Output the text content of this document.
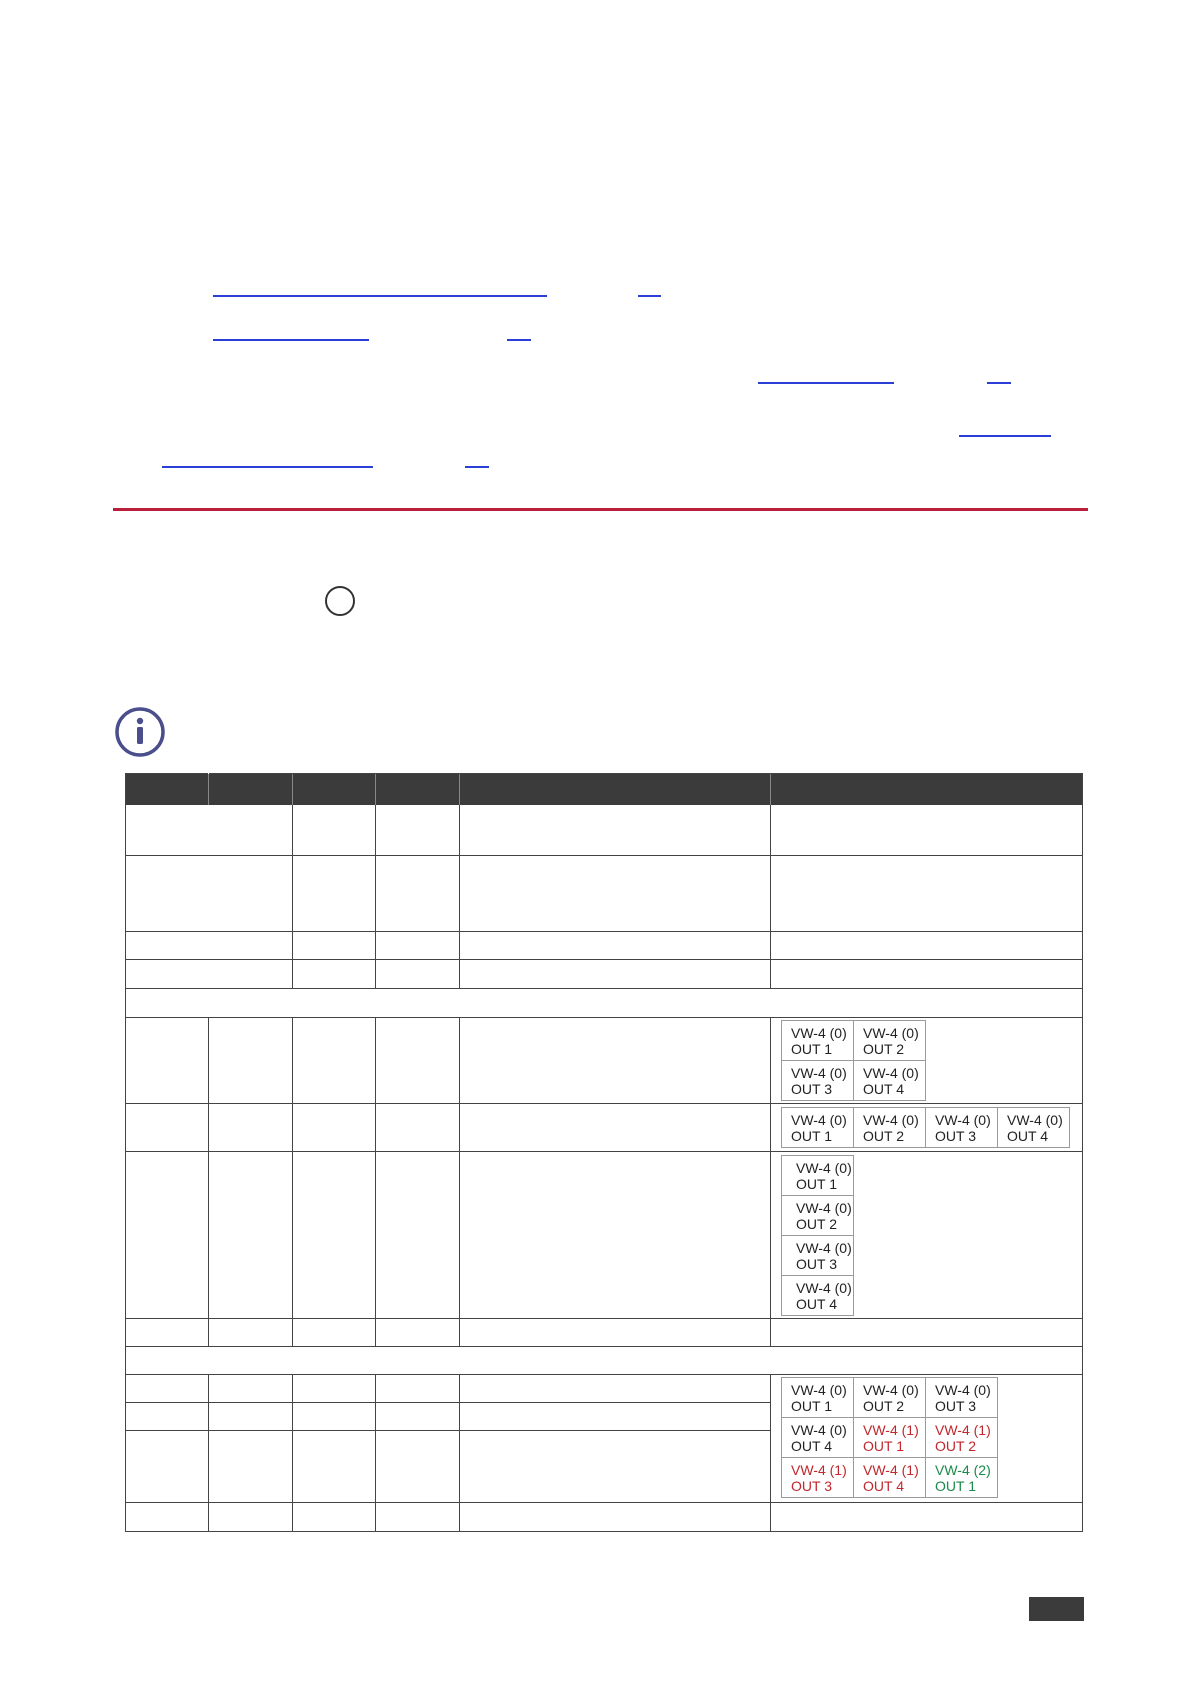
VW-4 (0)
OUT 1
VW-4 (0)
OUT 2
VW-4 (0)
OUT 3
VW-4 (0)
OUT 4
VW-4 (0)
OUT 1
VW-4 (0)
OUT 2
VW-4 (0)
OUT 3
VW-4 (0)
OUT 4
VW-4 (0)
OUT 1
VW-4 (0)
OUT 2
VW-4 (0)
OUT 3
VW-4 (0)
OUT 4
VW-4 (0)
OUT 1
VW-4 (0)
OUT 2
VW-4 (0)
OUT 3
VW-4 (0)
OUT 4
VW-4 (1)
OUT 1
VW-4 (1)
OUT 2
VW-4 (1)
OUT 3
VW-4 (1)
OUT 4
VW-4 (2)
OUT 1
